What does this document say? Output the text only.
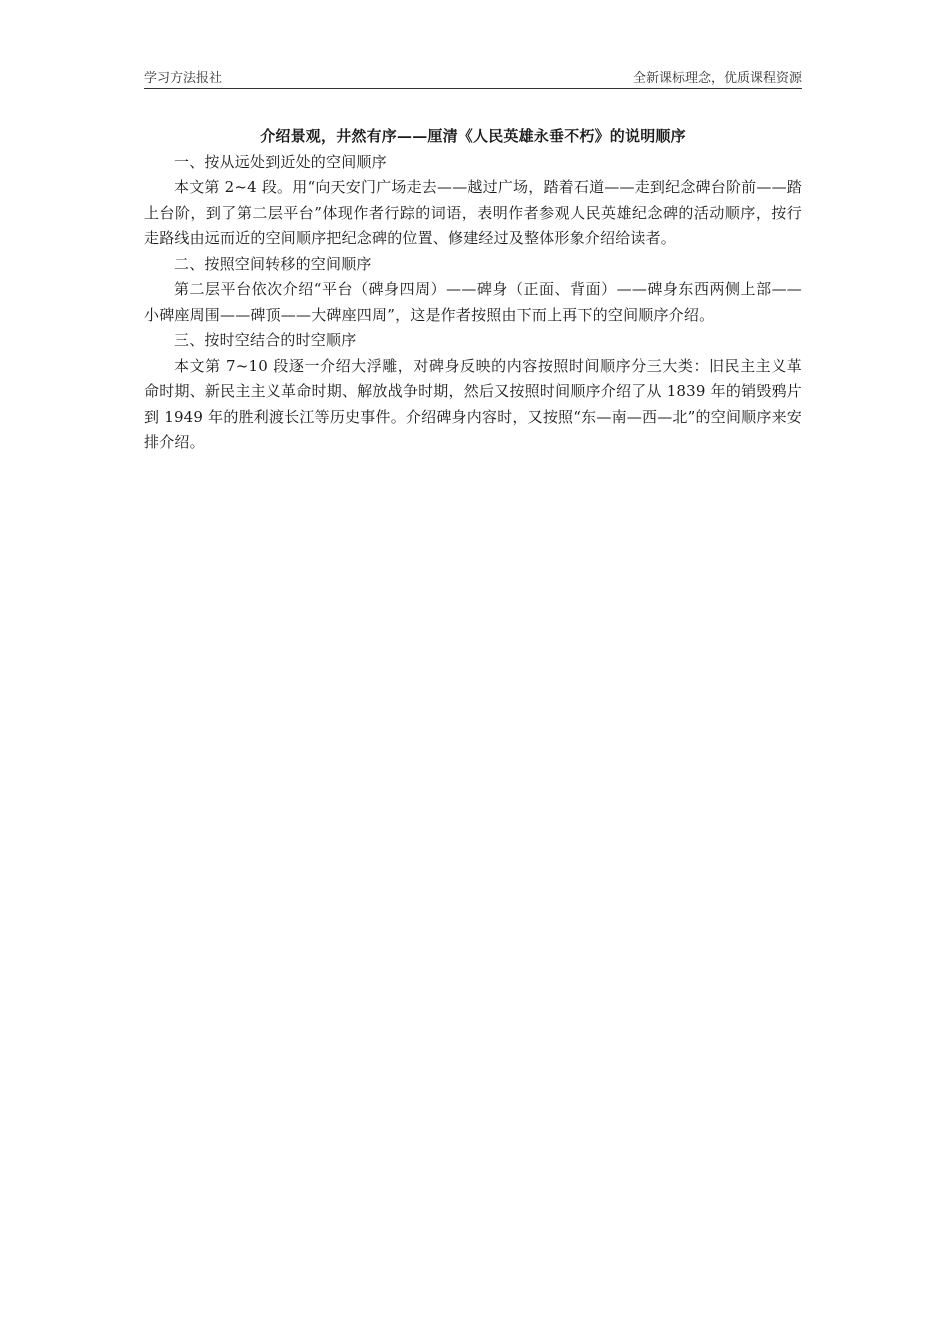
学习方法报社	全新课标理念，优质课程资源

介绍景观，井然有序——厘清《人民英雄永垂不朽》的说明顺序

一、按从远处到近处的空间顺序

本文第 2~4 段。用“向天安门广场走去——越过广场，踏着石道——走到纪念碑台阶前——踏上台阶，到了第二层平台”体现作者行踪的词语，表明作者参观人民英雄纪念碑的活动顺序，按行走路线由远而近的空间顺序把纪念碑的位置、修建经过及整体形象介绍给读者。

二、按照空间转移的空间顺序

第二层平台依次介绍“平台（碑身四周）——碑身（正面、背面）——碑身东西两侧上部——小碑座周围——碑顶——大碑座四周”，这是作者按照由下而上再下的空间顺序介绍。

三、按时空结合的时空顺序

本文第 7~10 段逐一介绍大浮雕，对碑身反映的内容按照时间顺序分三大类：旧民主主义革命时期、新民主主义革命时期、解放战争时期，然后又按照时间顺序介绍了从 1839 年的销毁鸦片到 1949 年的胜利渡长江等历史事件。介绍碑身内容时，又按照“东—南—西—北”的空间顺序来安排介绍。
